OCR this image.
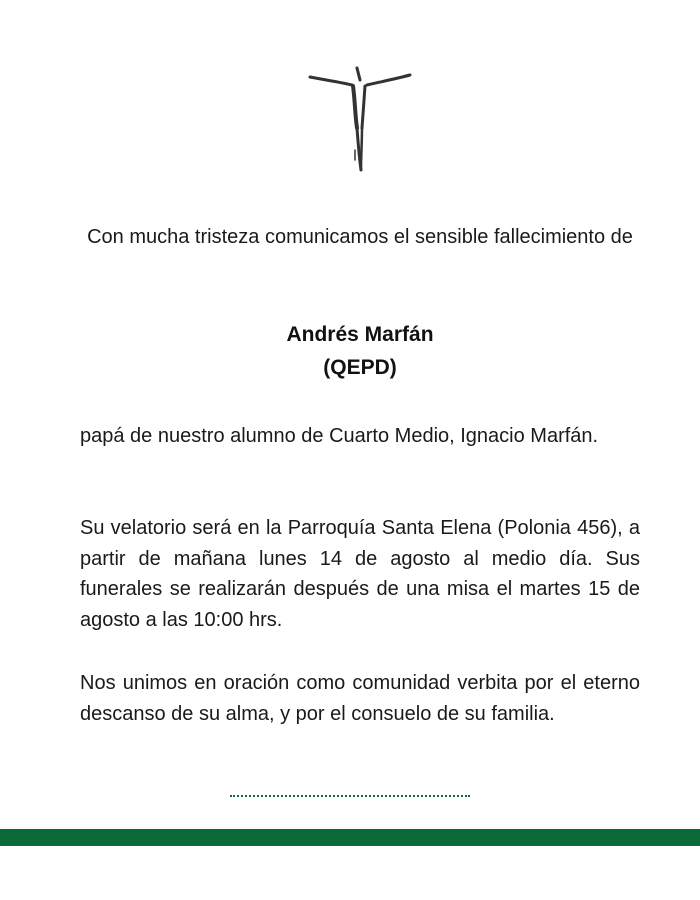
Con mucha tristeza comunicamos el sensible fallecimiento de
Andrés Marfán
(QEPD)
papá de nuestro alumno de Cuarto Medio, Ignacio Marfán.
Su velatorio será en la Parroquía Santa Elena (Polonia 456), a partir de mañana lunes 14 de agosto al medio día. Sus funerales se realizarán después de una misa el martes 15 de agosto a las 10:00 hrs.
Nos unimos en oración como comunidad verbita por el eterno descanso de su alma, y por el consuelo de su familia.
